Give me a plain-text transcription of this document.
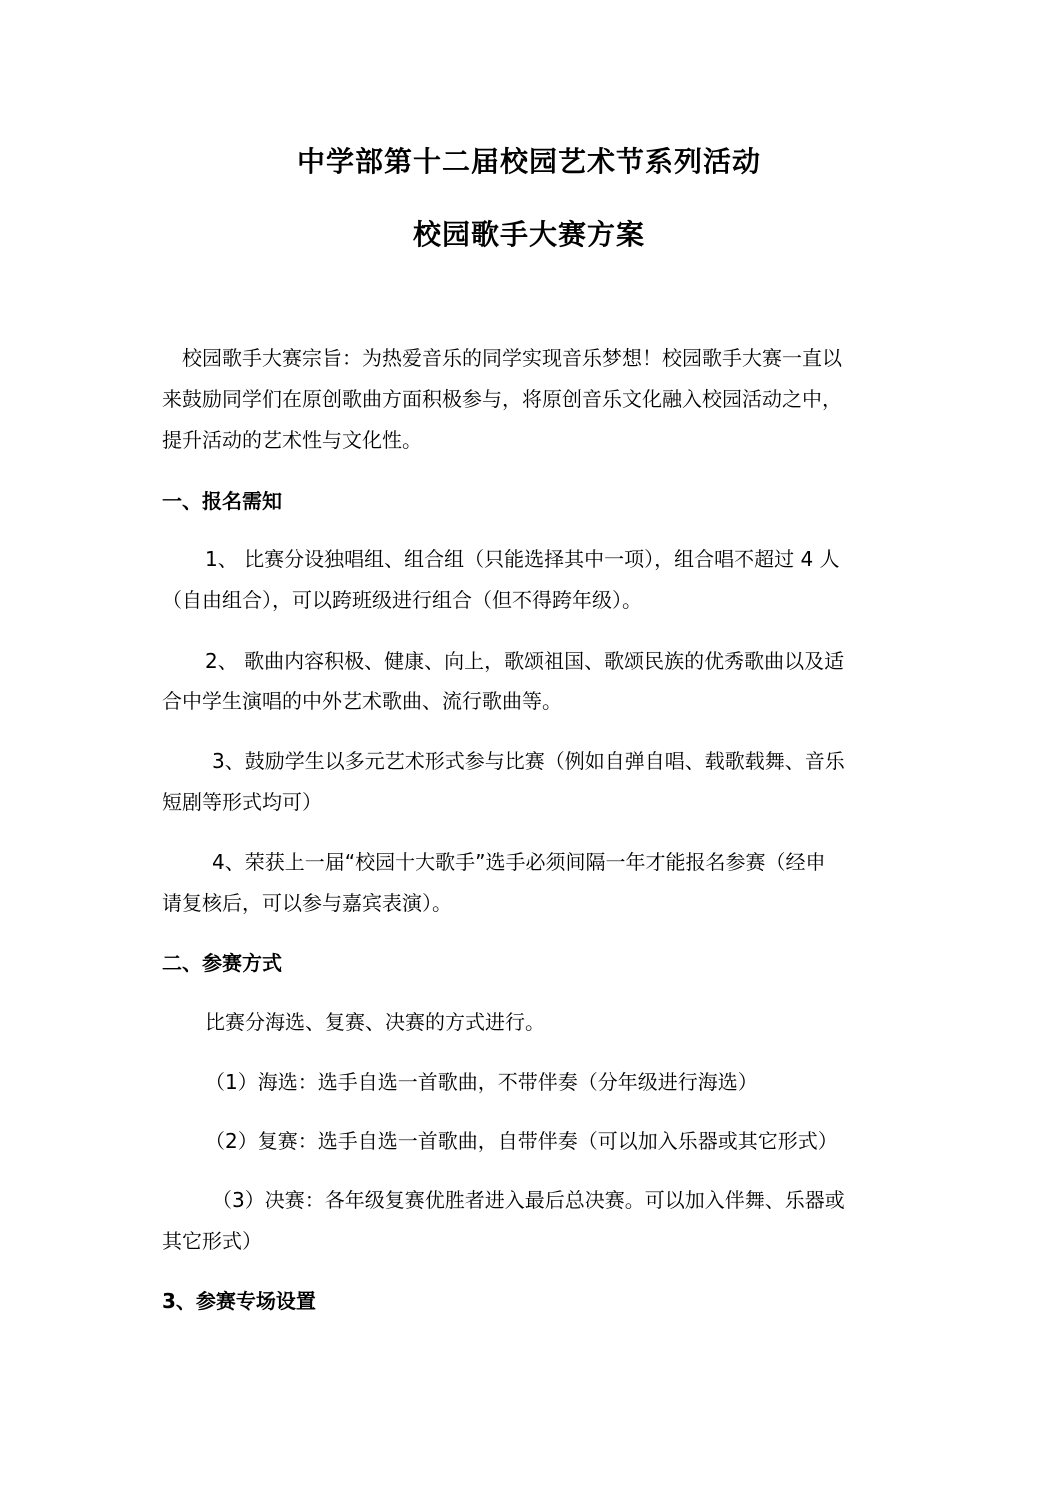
中学部第十二届校园艺术节系列活动
校园歌手大赛方案
校园歌手大赛宗旨：为热爱音乐的同学实现音乐梦想！校园歌手大赛一直以
来鼓励同学们在原创歌曲方面积极参与，将原创音乐文化融入校园活动之中，
提升活动的艺术性与文化性。
一、报名需知
1、 比赛分设独唱组、组合组（只能选择其中一项），组合唱不超过 4 人
（自由组合），可以跨班级进行组合（但不得跨年级）。
2、 歌曲内容积极、健康、向上，歌颂祖国、歌颂民族的优秀歌曲以及适
合中学生演唱的中外艺术歌曲、流行歌曲等。
3、鼓励学生以多元艺术形式参与比赛（例如自弹自唱、载歌载舞、音乐
短剧等形式均可）
4、荣获上一届“校园十大歌手”选手必须间隔一年才能报名参赛（经申
请复核后，可以参与嘉宾表演）。
二、参赛方式
比赛分海选、复赛、决赛的方式进行。
（1）海选：选手自选一首歌曲，不带伴奏（分年级进行海选）
（2）复赛：选手自选一首歌曲，自带伴奏（可以加入乐器或其它形式）
（3）决赛：各年级复赛优胜者进入最后总决赛。可以加入伴舞、乐器或
其它形式）
3、参赛专场设置
